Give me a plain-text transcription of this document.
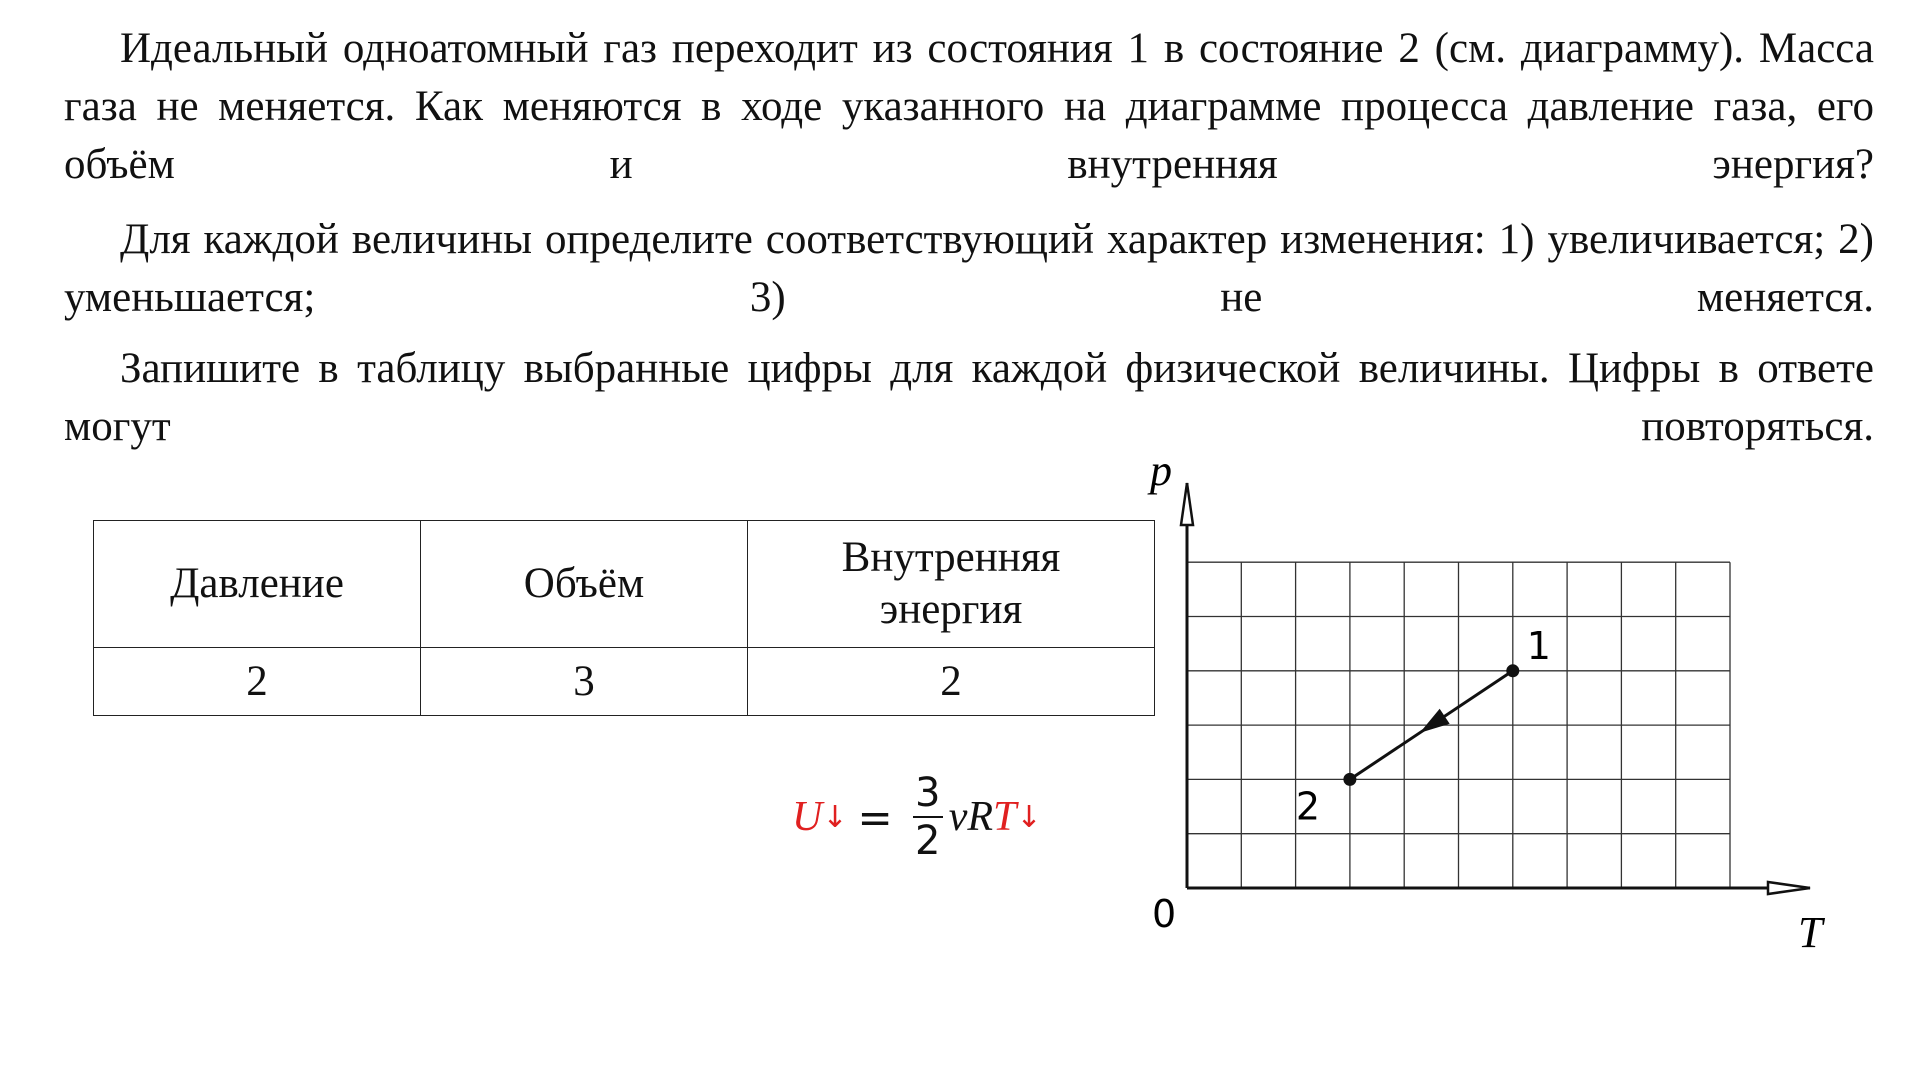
Идеальный одноатомный газ переходит из состояния 1 в состояние 2 (см. диаграмму). Масса газа не меняется. Как меняются в ходе указанного на диаграмме процесса давление газа, его объём и внутренняя энергия?

Для каждой величины определите соответствующий характер изменения: 1) увеличивается; 2) уменьшается; 3) не меняется.

Запишите в таблицу выбранные цифры для каждой физической величины. Цифры в ответе могут повторяться.

Давление	Объём	Внутренняя энергия
2	3	2
U ↓ = $\frac{3}{2}$ ν R T ↓
p
T
0
1
2
